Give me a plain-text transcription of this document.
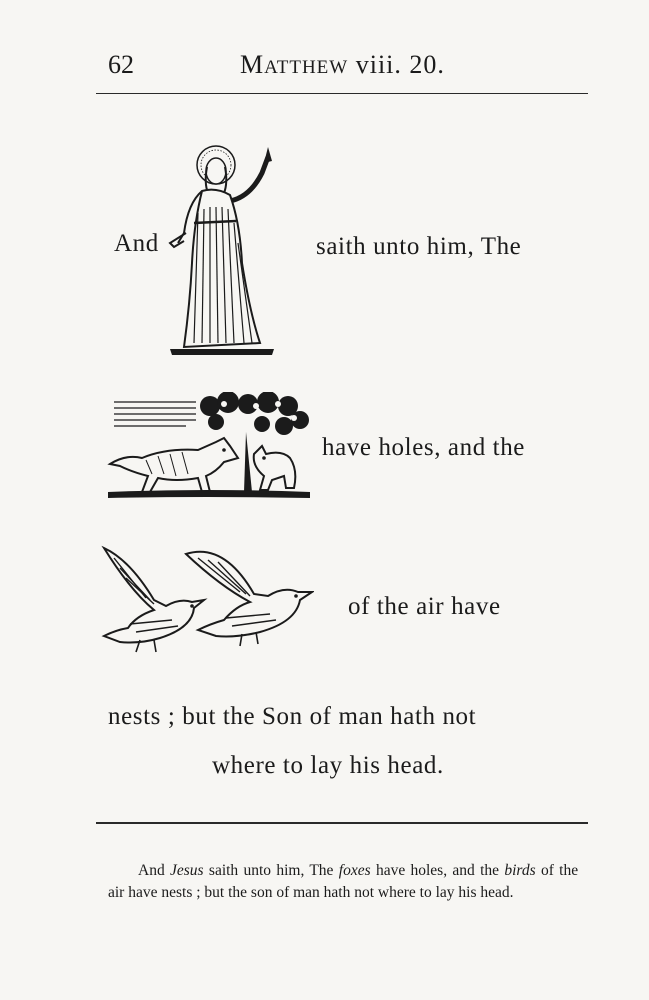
62	MATTHEW viii. 20.
And	saith unto him, The
have holes, and the
of the air have
nests ; but the Son of man hath not
where to lay his head.
And Jesus saith unto him, The foxes have holes, and the birds of the air have nests ; but the son of man hath not where to lay his head.
